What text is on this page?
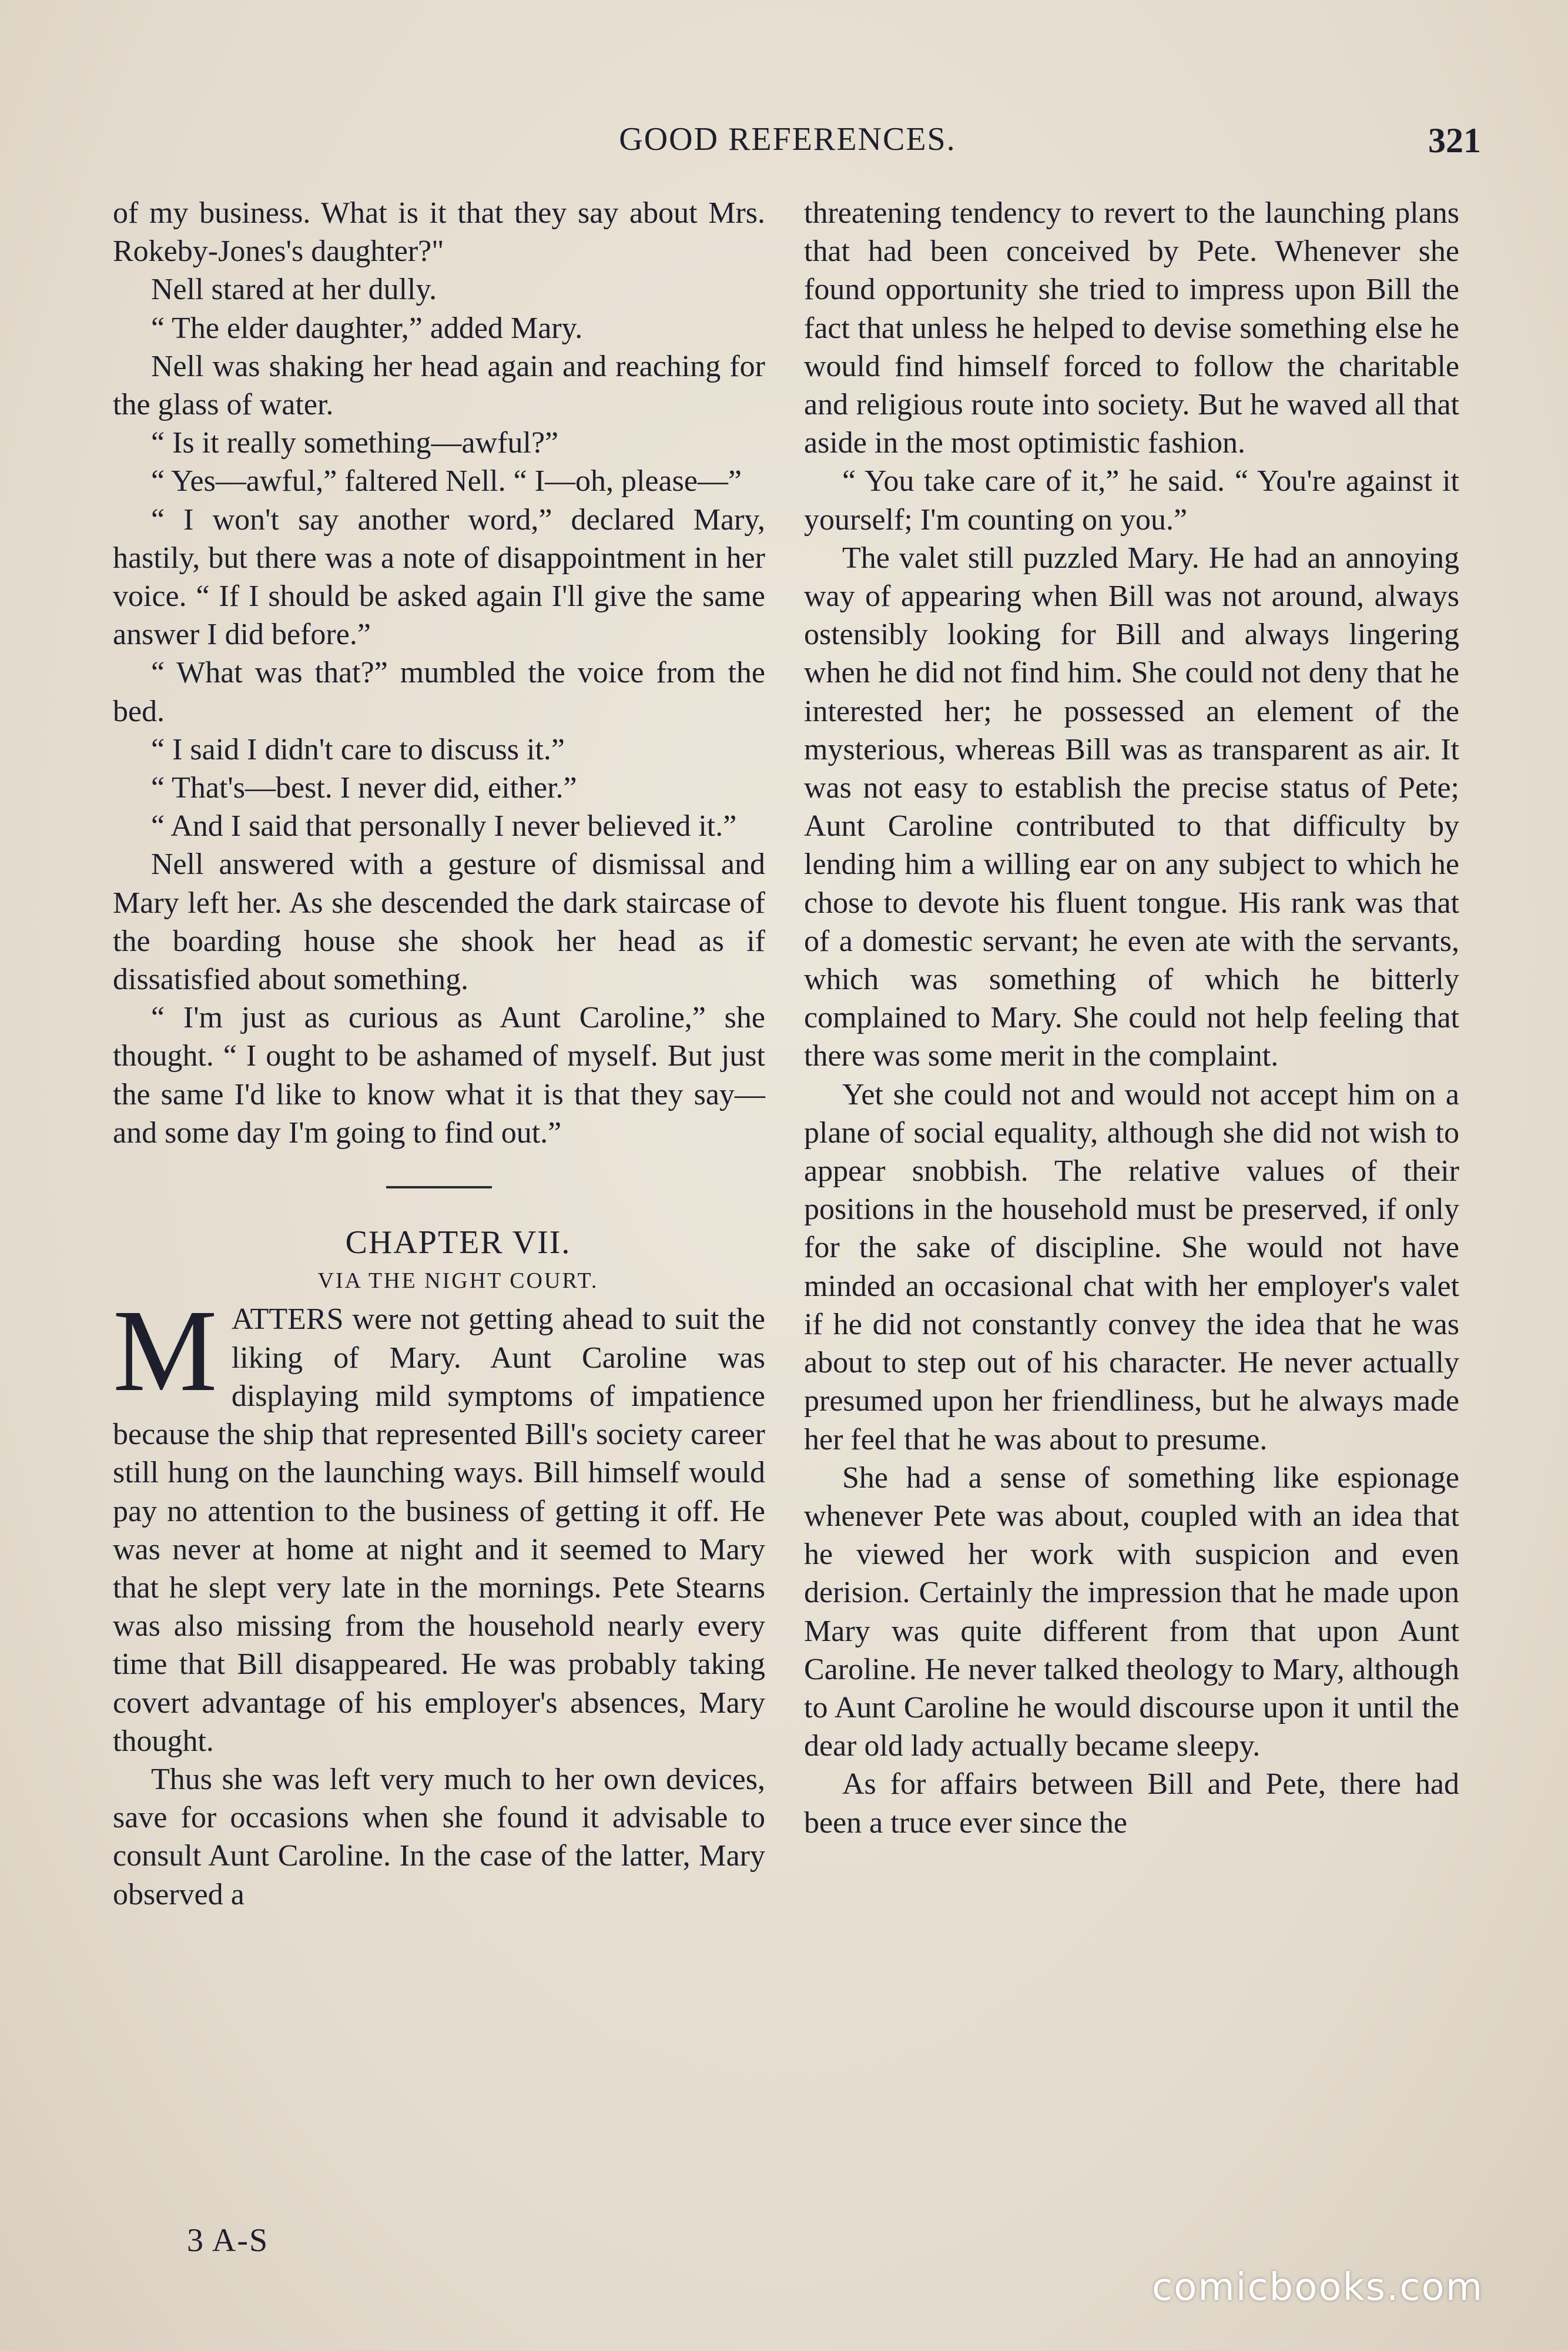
GOOD REFERENCES.	321

of my business. What is it that they say about Mrs. Rokeby-Jones's daughter?"

Nell stared at her dully.

“ The elder daughter,” added Mary.

Nell was shaking her head again and reaching for the glass of water.

“ Is it really something—awful?”

“ Yes—awful,” faltered Nell. “ I—oh, please—”

“ I won't say another word,” declared Mary, hastily, but there was a note of disappointment in her voice. “ If I should be asked again I'll give the same answer I did before.”

“ What was that?” mumbled the voice from the bed.

“ I said I didn't care to discuss it.”

“ That's—best. I never did, either.”

“ And I said that personally I never believed it.”

Nell answered with a gesture of dismissal and Mary left her. As she descended the dark staircase of the boarding house she shook her head as if dissatisfied about something.

“ I'm just as curious as Aunt Caroline,” she thought. “ I ought to be ashamed of myself. But just the same I'd like to know what it is that they say—and some day I'm going to find out.”

CHAPTER VII.

VIA THE NIGHT COURT.

MATTERS were not getting ahead to suit the liking of Mary. Aunt Caroline was displaying mild symptoms of impatience because the ship that represented Bill's society career still hung on the launching ways. Bill himself would pay no attention to the business of getting it off. He was never at home at night and it seemed to Mary that he slept very late in the mornings. Pete Stearns was also missing from the household nearly every time that Bill disappeared. He was probably taking covert advantage of his employer's absences, Mary thought.

Thus she was left very much to her own devices, save for occasions when she found it advisable to consult Aunt Caroline. In the case of the latter, Mary observed a

threatening tendency to revert to the launching plans that had been conceived by Pete. Whenever she found opportunity she tried to impress upon Bill the fact that unless he helped to devise something else he would find himself forced to follow the charitable and religious route into society. But he waved all that aside in the most optimistic fashion.

“ You take care of it,” he said. “ You're against it yourself; I'm counting on you.”

The valet still puzzled Mary. He had an annoying way of appearing when Bill was not around, always ostensibly looking for Bill and always lingering when he did not find him. She could not deny that he interested her; he possessed an element of the mysterious, whereas Bill was as transparent as air. It was not easy to establish the precise status of Pete; Aunt Caroline contributed to that difficulty by lending him a willing ear on any subject to which he chose to devote his fluent tongue. His rank was that of a domestic servant; he even ate with the servants, which was something of which he bitterly complained to Mary. She could not help feeling that there was some merit in the complaint.

Yet she could not and would not accept him on a plane of social equality, although she did not wish to appear snobbish. The relative values of their positions in the household must be preserved, if only for the sake of discipline. She would not have minded an occasional chat with her employer's valet if he did not constantly convey the idea that he was about to step out of his character. He never actually presumed upon her friendliness, but he always made her feel that he was about to presume.

She had a sense of something like espionage whenever Pete was about, coupled with an idea that he viewed her work with suspicion and even derision. Certainly the impression that he made upon Mary was quite different from that upon Aunt Caroline. He never talked theology to Mary, although to Aunt Caroline he would discourse upon it until the dear old lady actually became sleepy.

As for affairs between Bill and Pete, there had been a truce ever since the

3 A-S
comicbooks.com
